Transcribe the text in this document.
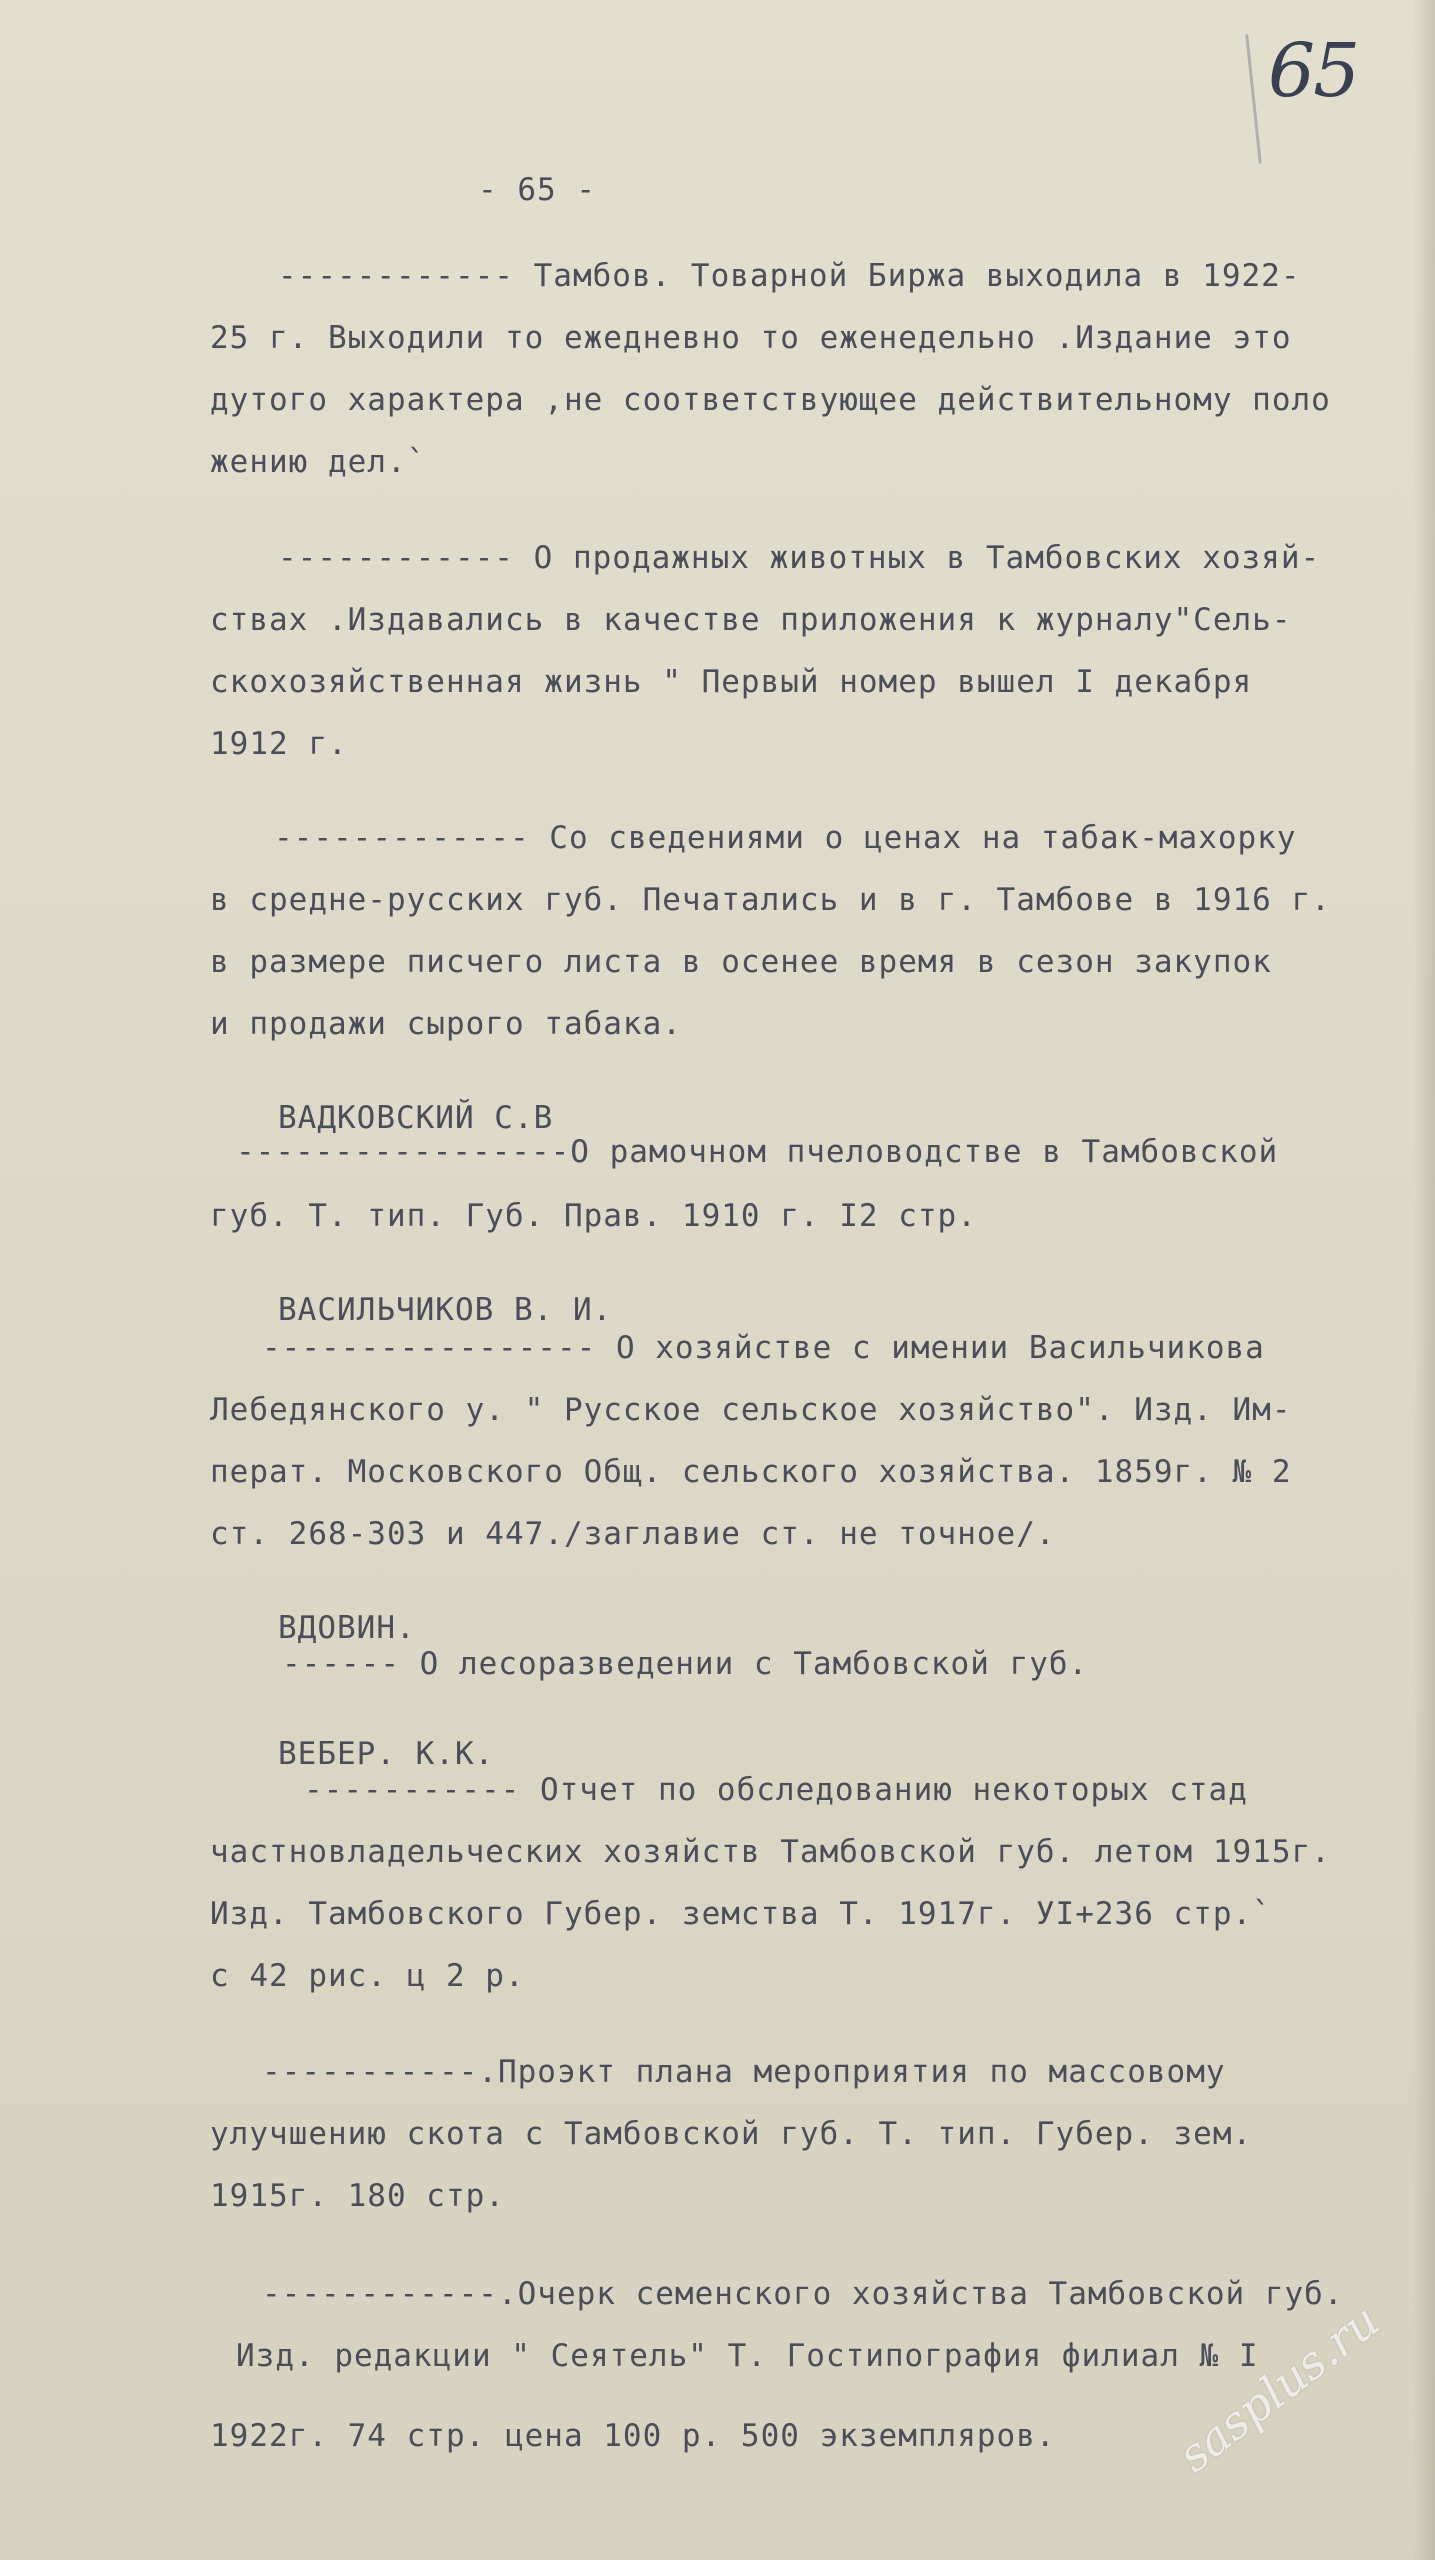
65
- 65 -
------------ Тамбов. Товарной Биржа выходила в 1922-
25 г. Выходили то ежедневно то еженедельно .Издание это
дутого характера ,не соответствующее действительному поло
жению дел.`
------------ О продажных животных в Тамбовских хозяй-
ствах .Издавались в качестве приложения к журналу"Сель-
скохозяйственная жизнь " Первый номер вышел I декабря
1912 г.
------------- Со сведениями о ценах на табак-махорку
в средне-русских губ. Печатались и в г. Тамбове в 1916 г.
в размере писчего листа в осенее время в сезон закупок
и продажи сырого табака.
ВАДКОВСКИЙ С.В
-----------------О рамочном пчеловодстве в Тамбовской
губ. Т. тип. Губ. Прав. 1910 г. I2 стр.
ВАСИЛЬЧИКОВ В. И.
----------------- О хозяйстве с имении Васильчикова
Лебедянского у. " Русское сельское хозяйство". Изд. Им-
перат. Московского Общ. сельского хозяйства. 1859г. № 2
ст. 268-303 и 447./заглавие ст. не точное/.
ВДОВИН.
------ О лесоразведении с Тамбовской губ.
ВЕБЕР. К.К.
----------- Отчет по обследованию некоторых стад
частновладельческих хозяйств Тамбовской губ. летом 1915г.
Изд. Тамбовского Губер. земства Т. 1917г. УI+236 стр.`
с 42 рис. ц 2 р.
-----------.Проэкт плана мероприятия по массовому
улучшению скота с Тамбовской губ. Т. тип. Губер. зем.
1915г. 180 стр.
------------.Очерк семенского хозяйства Тамбовской губ.
Изд. редакции " Сеятель" Т. Гостипография филиал № I
1922г. 74 стр. цена 100 р. 500 экземпляров. sasplus.ru
